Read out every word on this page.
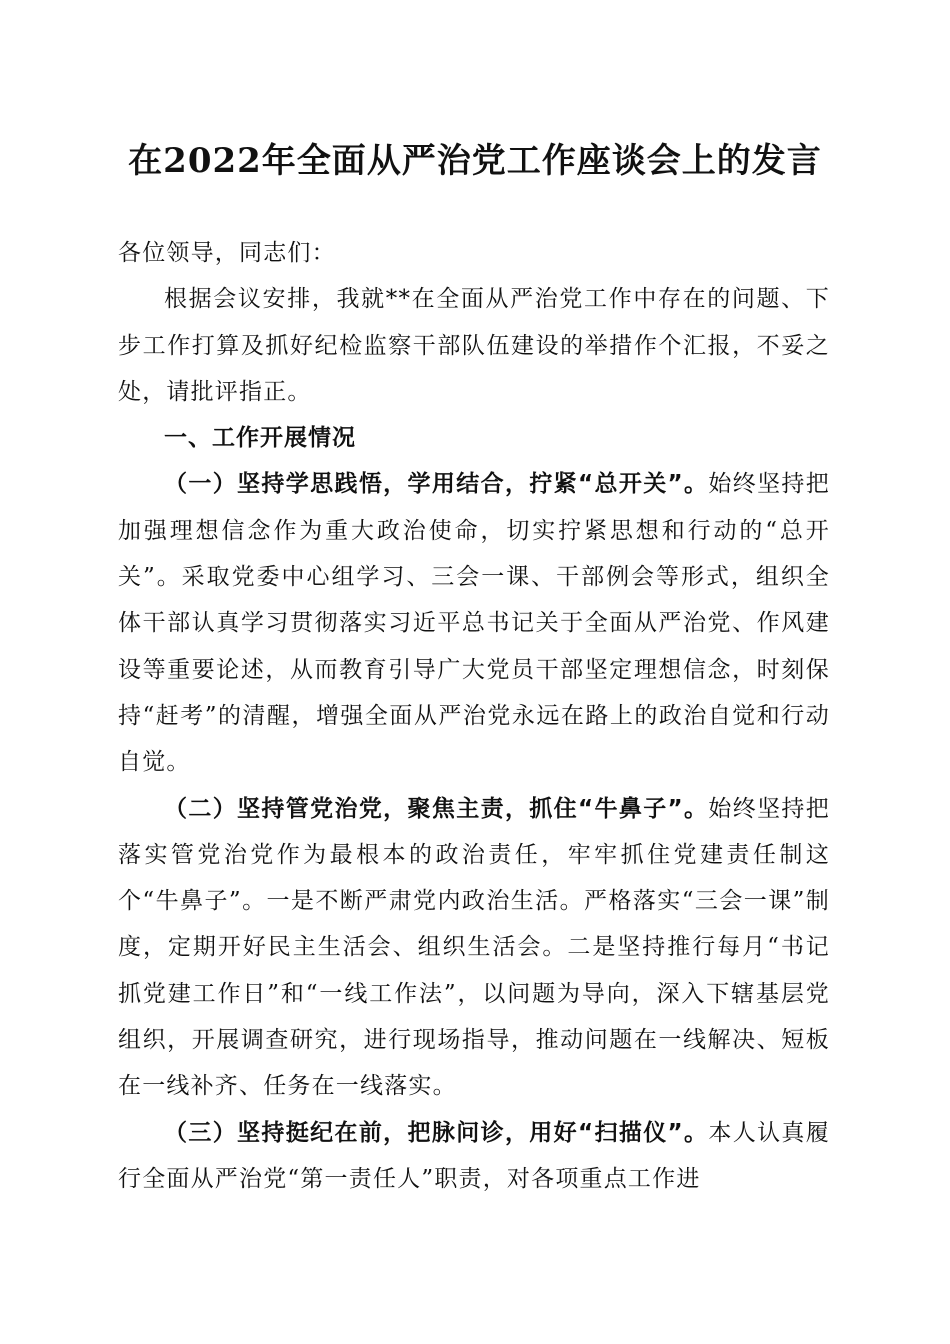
在2022年全面从严治党工作座谈会上的发言

各位领导，同志们：

根据会议安排，我就**在全面从严治党工作中存在的问题、下步工作打算及抓好纪检监察干部队伍建设的举措作个汇报，不妥之处，请批评指正。

一、工作开展情况

（一）坚持学思践悟，学用结合，拧紧“总开关”。始终坚持把加强理想信念作为重大政治使命，切实拧紧思想和行动的“总开关”。采取党委中心组学习、三会一课、干部例会等形式，组织全体干部认真学习贯彻落实习近平总书记关于全面从严治党、作风建设等重要论述，从而教育引导广大党员干部坚定理想信念，时刻保持“赶考”的清醒，增强全面从严治党永远在路上的政治自觉和行动自觉。

（二）坚持管党治党，聚焦主责，抓住“牛鼻子”。始终坚持把落实管党治党作为最根本的政治责任，牢牢抓住党建责任制这个“牛鼻子”。一是不断严肃党内政治生活。严格落实“三会一课”制度，定期开好民主生活会、组织生活会。二是坚持推行每月“书记抓党建工作日”和“一线工作法”，以问题为导向，深入下辖基层党组织，开展调查研究，进行现场指导，推动问题在一线解决、短板在一线补齐、任务在一线落实。

（三）坚持挺纪在前，把脉问诊，用好“扫描仪”。本人认真履行全面从严治党“第一责任人”职责，对各项重点工作进
